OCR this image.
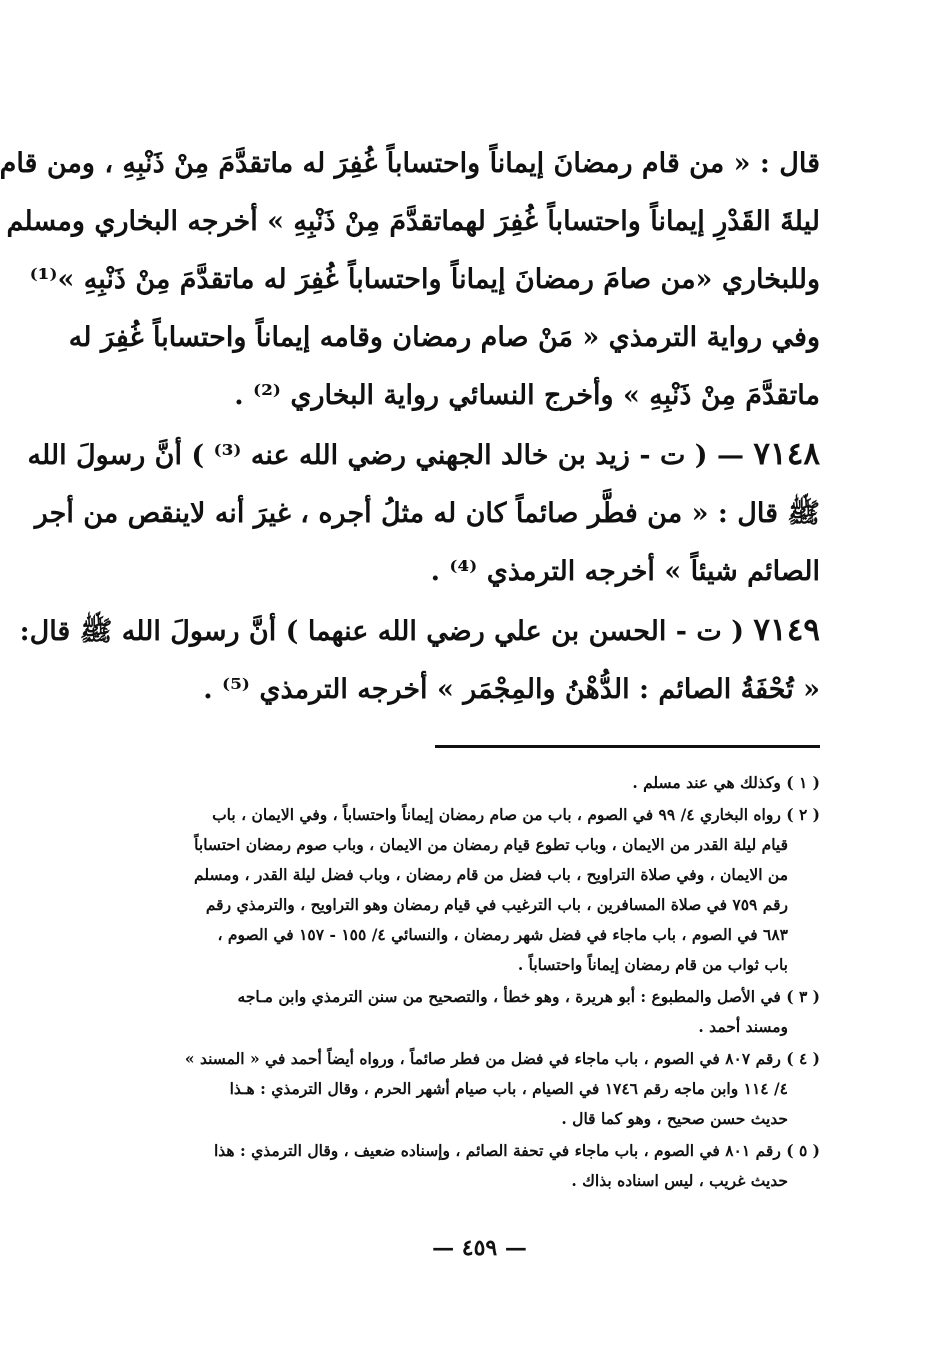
قال : « من قام رمضانَ إيماناً واحتساباً غُفِرَ له ماتقدَّمَ مِنْ ذَنْبِهِ ، ومن قام
ليلةَ القَدْرِ إيماناً واحتساباً غُفِرَ لهماتقدَّمَ مِنْ ذَنْبِهِ » أخرجه البخاري ومسلم
وللبخاري «من صامَ رمضانَ إيماناً واحتساباً غُفِرَ له ماتقدَّمَ مِنْ ذَنْبِهِ »⁽¹⁾
وفي رواية الترمذي « مَنْ صام رمضان وقامه إيماناً واحتساباً غُفِرَ له
ماتقدَّمَ مِنْ ذَنْبِهِ » وأخرج النسائي رواية البخاري ⁽²⁾ .
٧١٤٨ — ( ت - زيد بن خالد الجهني رضي الله عنه ⁽³⁾ ) أنَّ رسولَ الله
ﷺ قال : « من فطَّر صائماً كان له مثلُ أجره ، غيرَ أنه لاينقص من أجر
الصائم شيئاً » أخرجه الترمذي ⁽⁴⁾ .
٧١٤٩ ( ت - الحسن بن علي رضي الله عنهما ) أنَّ رسولَ الله ﷺ قال:
« تُحْفَةُ الصائم : الدُّهْنُ والمِجْمَر » أخرجه الترمذي ⁽⁵⁾ .
( ١ ) وكذلك هي عند مسلم .
( ٢ ) رواه البخاري ٤/ ٩٩ في الصوم ، باب من صام رمضان إيماناً واحتساباً ، وفي الايمان ، باب
قيام ليلة القدر من الايمان ، وباب تطوع قيام رمضان من الايمان ، وباب صوم رمضان احتساباً
من الايمان ، وفي صلاة التراويح ، باب فضل من قام رمضان ، وباب فضل ليلة القدر ، ومسلم
رقم ٧٥٩ في صلاة المسافرين ، باب الترغيب في قيام رمضان وهو التراويح ، والترمذي رقم
٦٨٣ في الصوم ، باب ماجاء في فضل شهر رمضان ، والنسائي ٤/ ١٥٥ - ١٥٧ في الصوم ،
باب ثواب من قام رمضان إيماناً واحتساباً .
( ٣ ) في الأصل والمطبوع : أبو هريرة ، وهو خطأ ، والتصحيح من سنن الترمذي وابن مـاجه
ومسند أحمد .
( ٤ ) رقم ٨٠٧ في الصوم ، باب ماجاء في فضل من فطر صائماً ، ورواه أيضاً أحمد في « المسند »
٤/ ١١٤ وابن ماجه رقم ١٧٤٦ في الصيام ، باب صيام أشهر الحرم ، وقال الترمذي : هـذا
حديث حسن صحيح ، وهو كما قال .
( ٥ ) رقم ٨٠١ في الصوم ، باب ماجاء في تحفة الصائم ، وإسناده ضعيف ، وقال الترمذي : هذا
حديث غريب ، ليس اسناده بذاك .
— ٤٥٩ —
